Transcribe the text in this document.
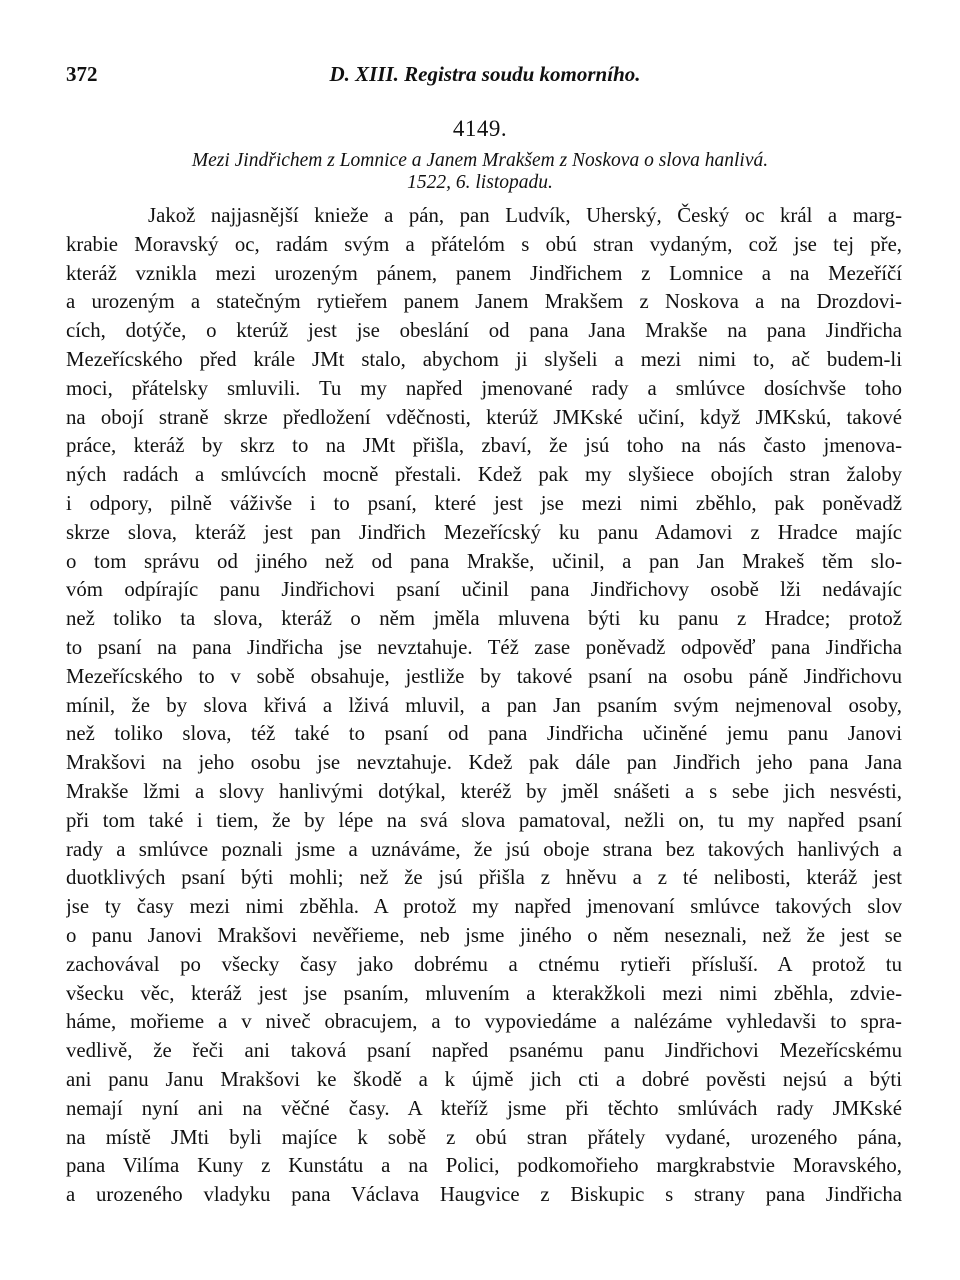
372	D. XIII. Registra soudu komorního.
4149.
Mezi Jindřichem z Lomnice a Janem Mrakšem z Noskova o slova hanlivá.
1522, 6. listopadu.
Jakož najjasnější knieže a pán, pan Ludvík, Uherský, Český oc král a marg-
krabie Moravský oc, radám svým a přátelóm s obú stran vydaným, což jse tej pře,
kteráž vznikla mezi urozeným pánem, panem Jindřichem z Lomnice a na Mezeříčí
a urozeným a statečným rytieřem panem Janem Mrakšem z Noskova a na Drozdovi-
cích, dotýče, o kterúž jest jse obeslání od pana Jana Mrakše na pana Jindřicha
Mezeřícského před krále JMt stalo, abychom ji slyšeli a mezi nimi to, ač budem-li
moci, přátelsky smluvili. Tu my napřed jmenované rady a smlúvce dosíchvše toho
na obojí straně skrze předložení vděčnosti, kterúž JMKské učiní, když JMKskú, takové
práce, kteráž by skrz to na JMt přišla, zbaví, že jsú toho na nás často jmenova-
ných radách a smlúvcích mocně přestali. Kdež pak my slyšiece obojích stran žaloby
i odpory, pilně váživše i to psaní, které jest jse mezi nimi zběhlo, pak poněvadž
skrze slova, kteráž jest pan Jindřich Mezeřícský ku panu Adamovi z Hradce majíc
o tom správu od jiného než od pana Mrakše, učinil, a pan Jan Mrakeš těm slo-
vóm odpírajíc panu Jindřichovi psaní učinil pana Jindřichovy osobě lži nedávajíc
než toliko ta slova, kteráž o něm jměla mluvena býti ku panu z Hradce; protož
to psaní na pana Jindřicha jse nevztahuje. Též zase poněvadž odpověď pana Jindřicha
Mezeřícského to v sobě obsahuje, jestliže by takové psaní na osobu páně Jindřichovu
mínil, že by slova křivá a lživá mluvil, a pan Jan psaním svým nejmenoval osoby,
než toliko slova, též také to psaní od pana Jindřicha učiněné jemu panu Janovi
Mrakšovi na jeho osobu jse nevztahuje. Kdež pak dále pan Jindřich jeho pana Jana
Mrakše lžmi a slovy hanlivými dotýkal, kteréž by jměl snášeti a s sebe jich nesvésti,
při tom také i tiem, že by lépe na svá slova pamatoval, nežli on, tu my napřed psaní
rady a smlúvce poznali jsme a uznáváme, že jsú oboje strana bez takových hanlivých a
duotklivých psaní býti mohli; než že jsú přišla z hněvu a z té nelibosti, kteráž jest
jse ty časy mezi nimi zběhla. A protož my napřed jmenovaní smlúvce takových slov
o panu Janovi Mrakšovi nevěřieme, neb jsme jiného o něm neseznali, než že jest se
zachovával po všecky časy jako dobrému a ctnému rytieři přísluší. A protož tu
všecku věc, kteráž jest jse psaním, mluvením a kterakžkoli mezi nimi zběhla, zdvie-
háme, mořieme a v niveč obracujem, a to vypoviedáme a nalézáme vyhledavši to spra-
vedlivě, že řeči ani taková psaní napřed psanému panu Jindřichovi Mezeřícskému
ani panu Janu Mrakšovi ke škodě a k újmě jich cti a dobré pověsti nejsú a býti
nemají nyní ani na věčné časy. A kteříž jsme při těchto smlúvách rady JMKské
na místě JMti byli majíce k sobě z obú stran přátely vydané, urozeného pána,
pana Vilíma Kuny z Kunstátu a na Polici, podkomořieho margkrabstvie Moravského,
a urozeného vladyku pana Václava Haugvice z Biskupic s strany pana Jindřicha
